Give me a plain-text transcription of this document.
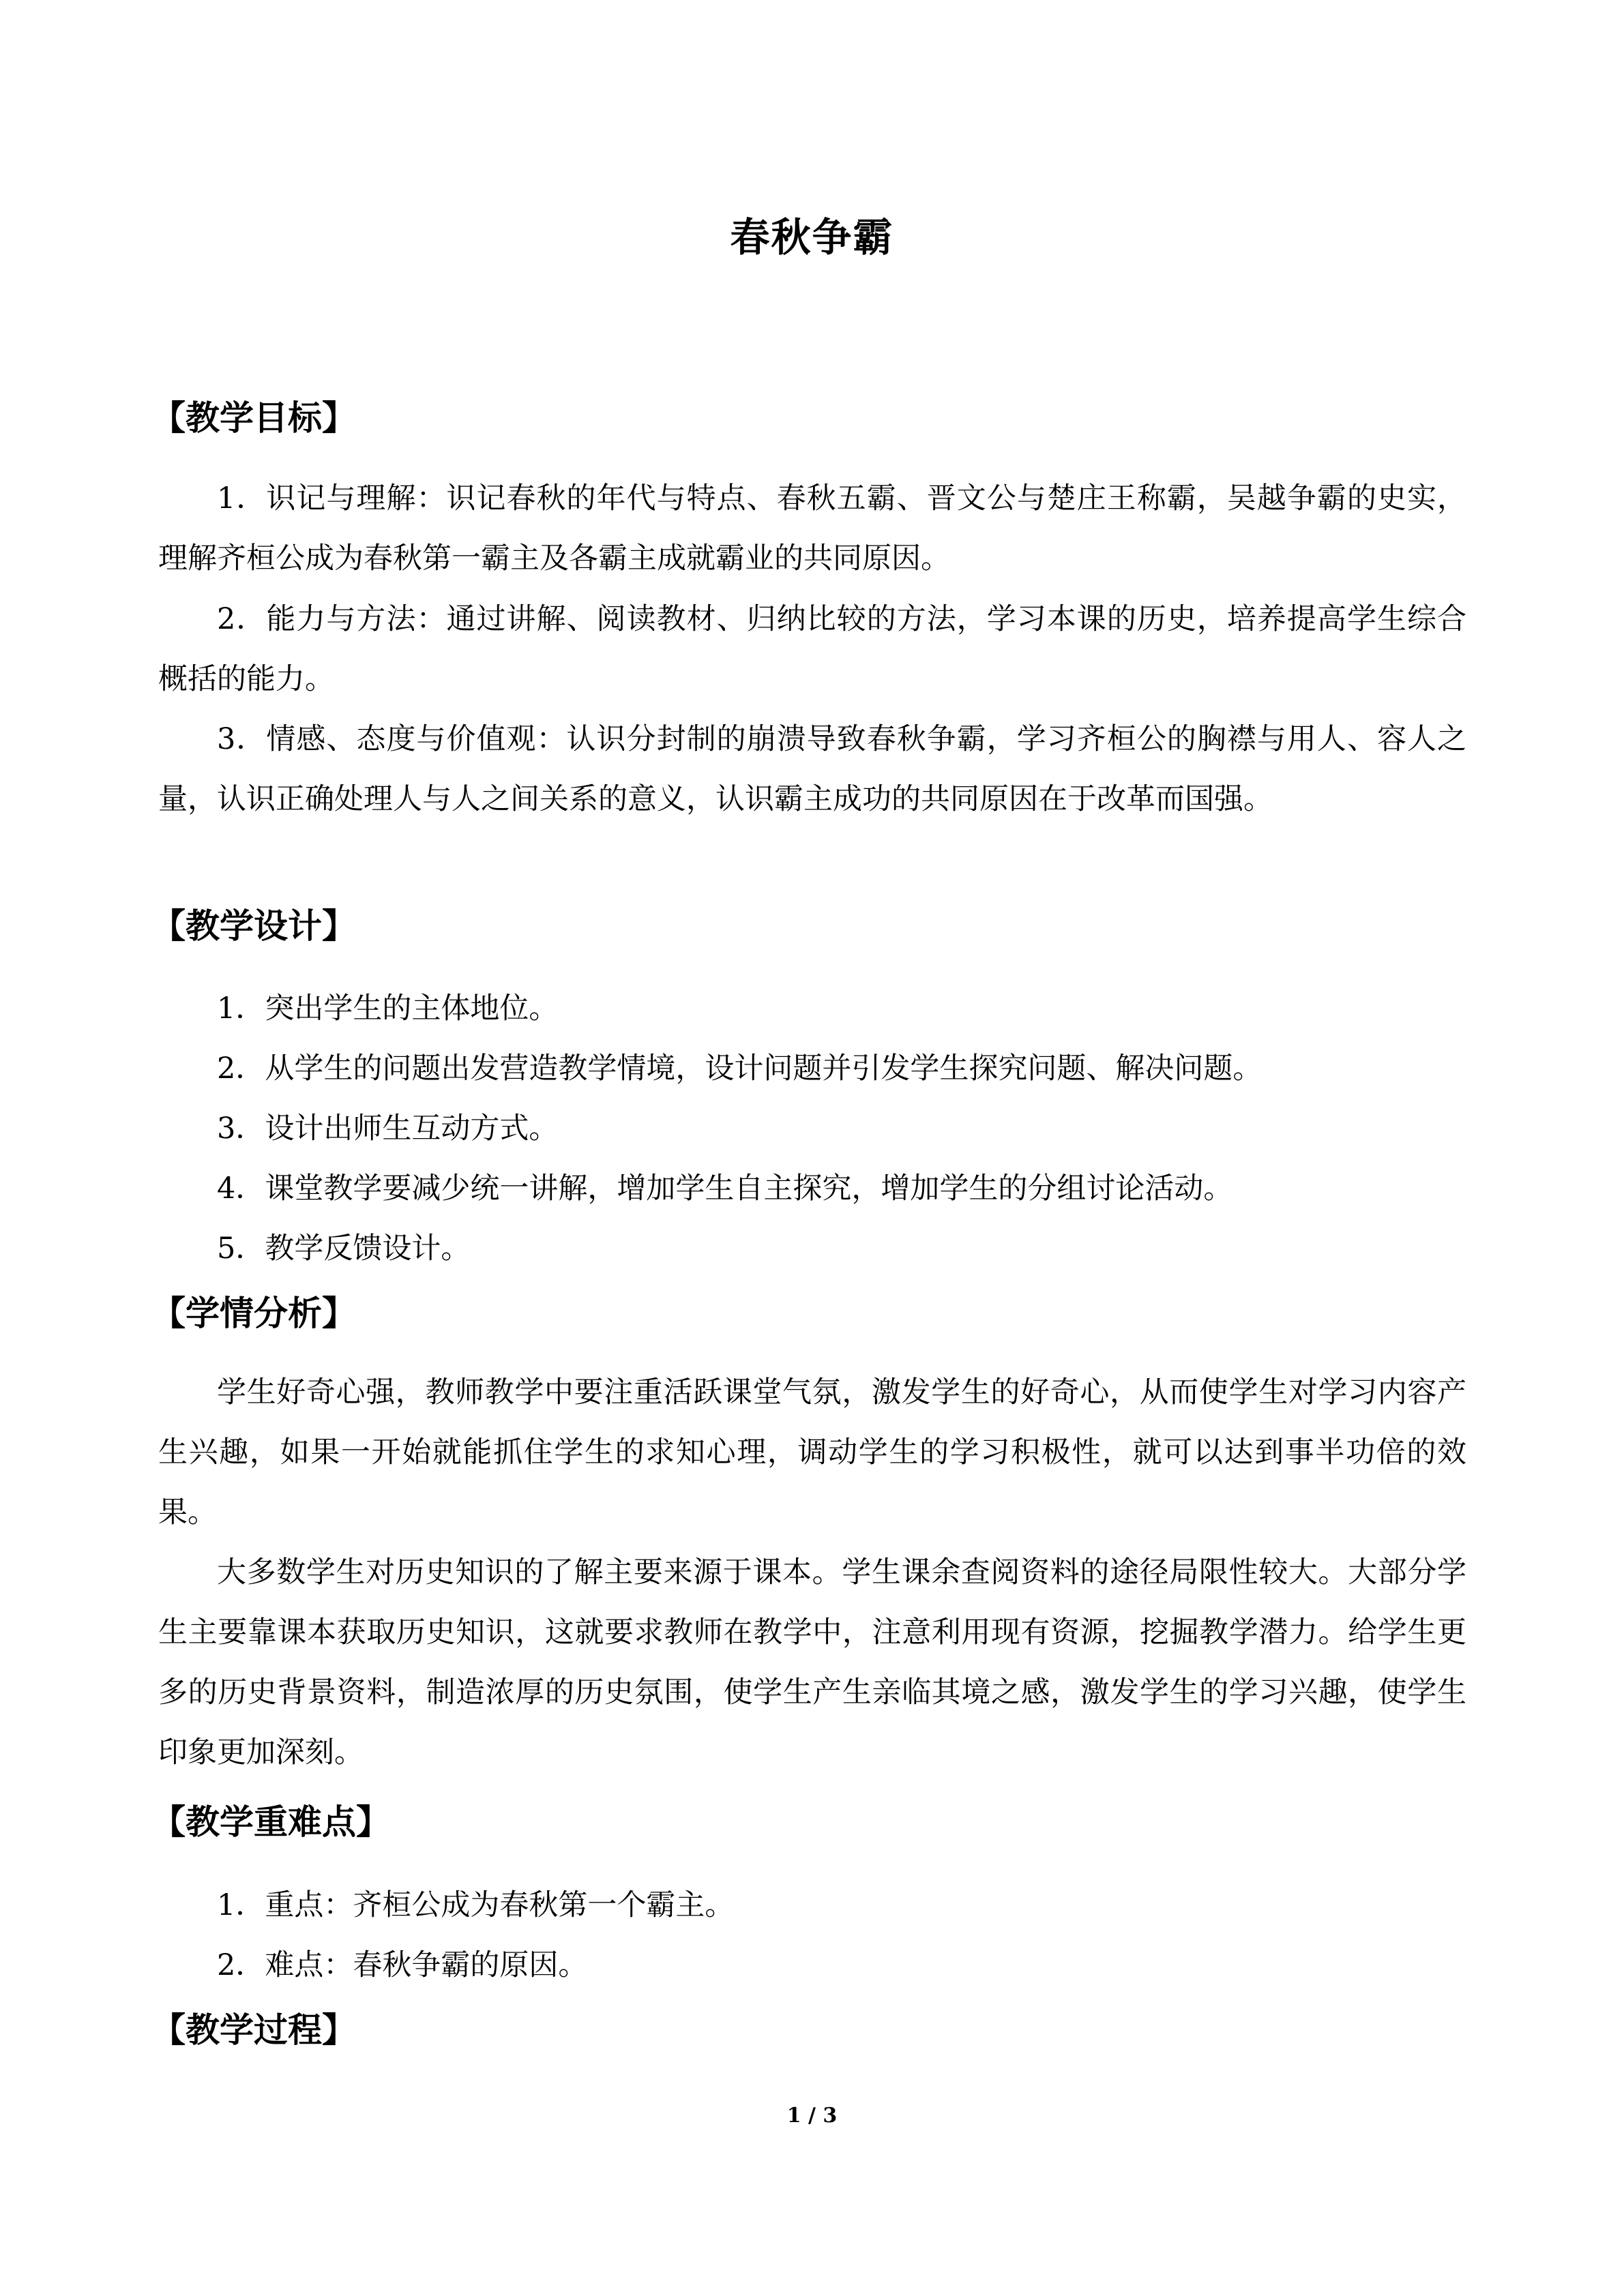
春秋争霸
【教学目标】

1．识记与理解：识记春秋的年代与特点、春秋五霸、晋文公与楚庄王称霸，吴越争霸的史实，理解齐桓公成为春秋第一霸主及各霸主成就霸业的共同原因。

2．能力与方法：通过讲解、阅读教材、归纳比较的方法，学习本课的历史，培养提高学生综合概括的能力。

3．情感、态度与价值观：认识分封制的崩溃导致春秋争霸，学习齐桓公的胸襟与用人、容人之量，认识正确处理人与人之间关系的意义，认识霸主成功的共同原因在于改革而国强。

【教学设计】
1．突出学生的主体地位。
2．从学生的问题出发营造教学情境，设计问题并引发学生探究问题、解决问题。
3．设计出师生互动方式。
4．课堂教学要减少统一讲解，增加学生自主探究，增加学生的分组讨论活动。
5．教学反馈设计。
【学情分析】

学生好奇心强，教师教学中要注重活跃课堂气氛，激发学生的好奇心，从而使学生对学习内容产生兴趣，如果一开始就能抓住学生的求知心理，调动学生的学习积极性，就可以达到事半功倍的效果。

大多数学生对历史知识的了解主要来源于课本。学生课余查阅资料的途径局限性较大。大部分学生主要靠课本获取历史知识，这就要求教师在教学中，注意利用现有资源，挖掘教学潜力。给学生更多的历史背景资料，制造浓厚的历史氛围，使学生产生亲临其境之感，激发学生的学习兴趣，使学生印象更加深刻。

【教学重难点】
1．重点：齐桓公成为春秋第一个霸主。
2．难点：春秋争霸的原因。
【教学过程】
1 / 3
